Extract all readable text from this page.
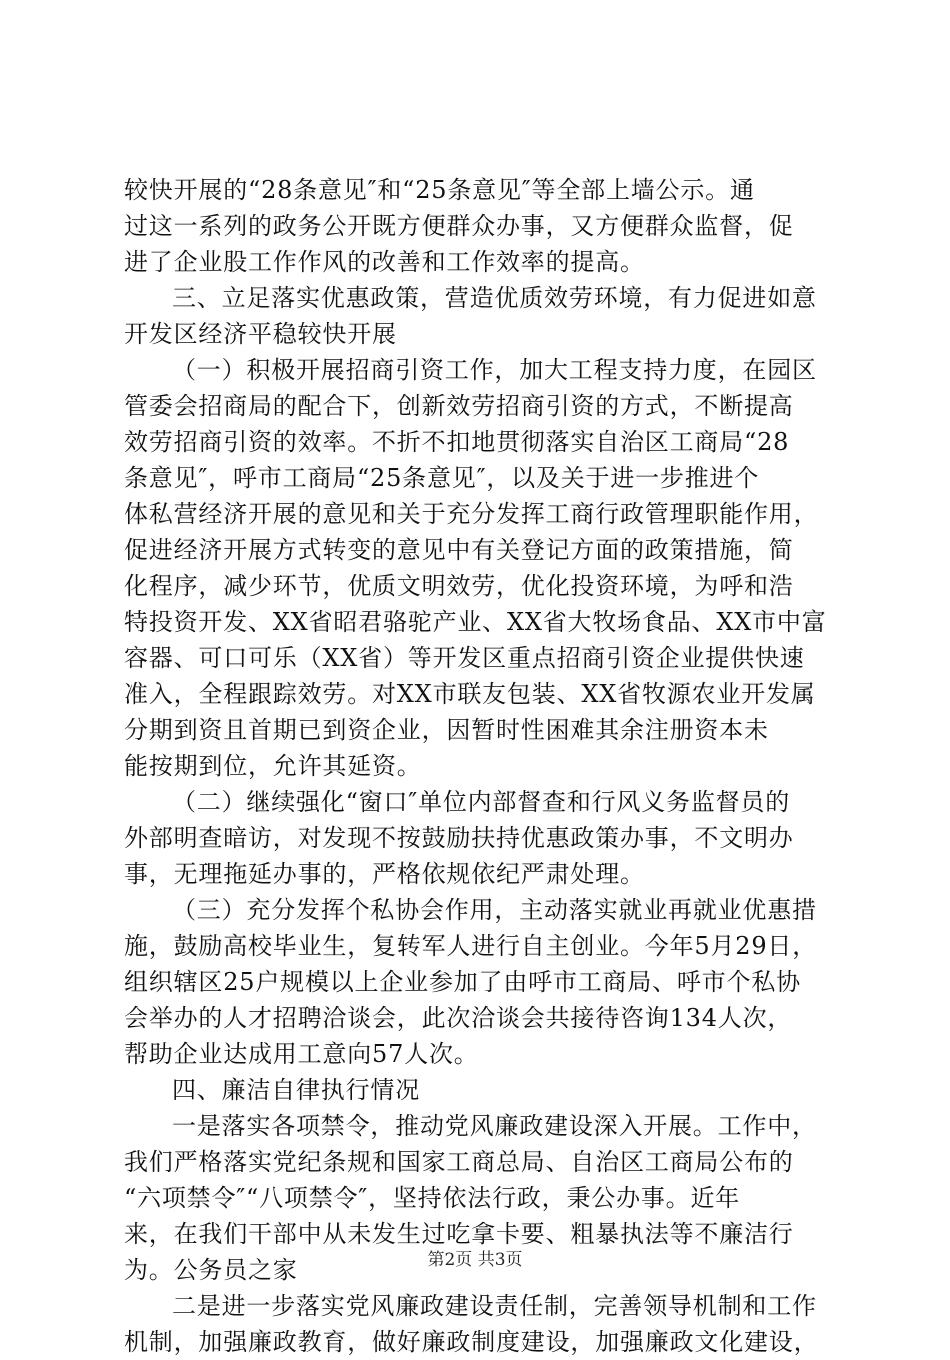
较快开展的“28条意见″和“25条意见″等全部上墙公示。通
过这一系列的政务公开既方便群众办事，又方便群众监督，促
进了企业股工作作风的改善和工作效率的提高。
三、立足落实优惠政策，营造优质效劳环境，有力促进如意
开发区经济平稳较快开展
（一）积极开展招商引资工作，加大工程支持力度，在园区
管委会招商局的配合下，创新效劳招商引资的方式，不断提高
效劳招商引资的效率。不折不扣地贯彻落实自治区工商局“28
条意见″，呼市工商局“25条意见″，以及关于进一步推进个
体私营经济开展的意见和关于充分发挥工商行政管理职能作用，
促进经济开展方式转变的意见中有关登记方面的政策措施，简
化程序，减少环节，优质文明效劳，优化投资环境，为呼和浩
特投资开发、XX省昭君骆驼产业、XX省大牧场食品、XX市中富
容器、可口可乐（XX省）等开发区重点招商引资企业提供快速
准入，全程跟踪效劳。对XX市联友包装、XX省牧源农业开发属
分期到资且首期已到资企业，因暂时性困难其余注册资本未
能按期到位，允许其延资。
（二）继续强化“窗口″单位内部督查和行风义务监督员的
外部明查暗访，对发现不按鼓励扶持优惠政策办事，不文明办
事，无理拖延办事的，严格依规依纪严肃处理。
（三）充分发挥个私协会作用，主动落实就业再就业优惠措
施，鼓励高校毕业生，复转军人进行自主创业。今年5月29日，
组织辖区25户规模以上企业参加了由呼市工商局、呼市个私协
会举办的人才招聘洽谈会，此次洽谈会共接待咨询134人次，
帮助企业达成用工意向57人次。
四、廉洁自律执行情况
一是落实各项禁令，推动党风廉政建设深入开展。工作中，
我们严格落实党纪条规和国家工商总局、自治区工商局公布的
“六项禁令″“八项禁令″，坚持依法行政，秉公办事。近年
来，在我们干部中从未发生过吃拿卡要、粗暴执法等不廉洁行
为。公务员之家
二是进一步落实党风廉政建设责任制，完善领导机制和工作
机制，加强廉政教育，做好廉政制度建设，加强廉政文化建设，
第2页 共3页
